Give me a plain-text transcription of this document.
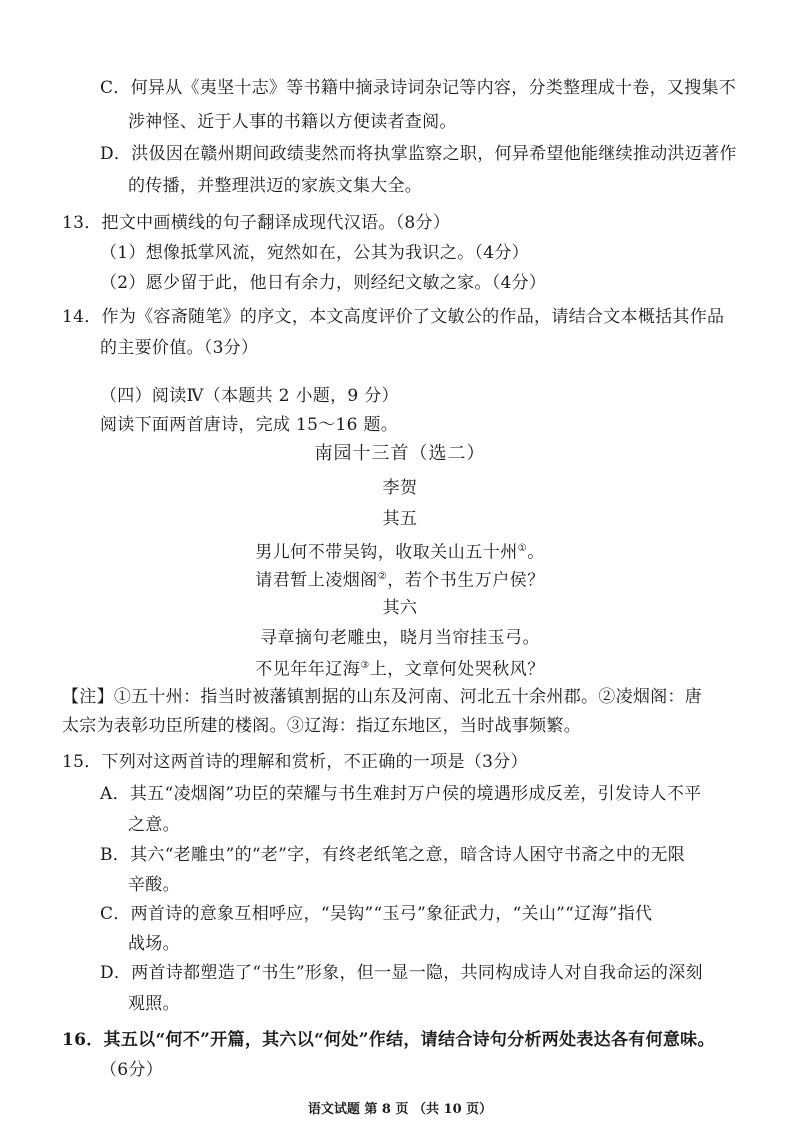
C．何异从《夷坚十志》等书籍中摘录诗词杂记等内容，分类整理成十卷，又搜集不
涉神怪、近于人事的书籍以方便读者查阅。
D．洪伋因在赣州期间政绩斐然而将执掌监察之职，何异希望他能继续推动洪迈著作
的传播，并整理洪迈的家族文集大全。
13．把文中画横线的句子翻译成现代汉语。（8分）
（1）想像抵掌风流，宛然如在，公其为我识之。（4分）
（2）愿少留于此，他日有余力，则经纪文敏之家。（4分）
14．作为《容斋随笔》的序文，本文高度评价了文敏公的作品，请结合文本概括其作品
的主要价值。（3分）
（四）阅读Ⅳ（本题共 2 小题，9 分）
阅读下面两首唐诗，完成 15～16 题。
南园十三首（选二）
李贺
其五
男儿何不带吴钩，收取关山五十州①。
请君暂上凌烟阁②，若个书生万户侯？
其六
寻章摘句老雕虫，晓月当帘挂玉弓。
不见年年辽海③上，文章何处哭秋风？
【注】①五十州：指当时被藩镇割据的山东及河南、河北五十余州郡。②凌烟阁：唐
太宗为表彰功臣所建的楼阁。③辽海：指辽东地区，当时战事频繁。
15．下列对这两首诗的理解和赏析，不正确的一项是（3分）
A．其五“凌烟阁”功臣的荣耀与书生难封万户侯的境遇形成反差，引发诗人不平
之意。
B．其六“老雕虫”的“老”字，有终老纸笔之意，暗含诗人困守书斋之中的无限
辛酸。
C．两首诗的意象互相呼应，“吴钩”“玉弓”象征武力，“关山”“辽海”指代
战场。
D．两首诗都塑造了“书生”形象，但一显一隐，共同构成诗人对自我命运的深刻
观照。
16．其五以“何不”开篇，其六以“何处”作结，请结合诗句分析两处表达各有何意味。
（6分）
语文试题 第 8 页 （共 10 页）
